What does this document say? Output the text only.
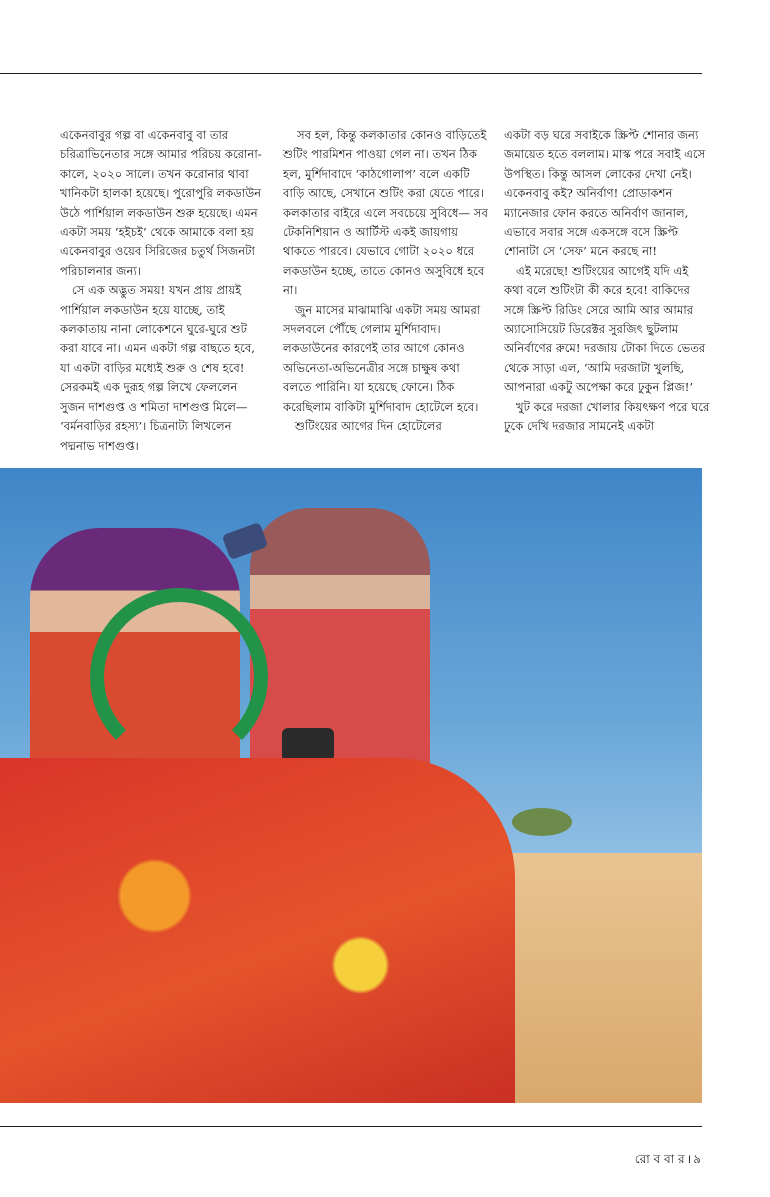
একেনবাবুর গল্প বা একেনবাবু বা তার চরিত্রাভিনেতার সঙ্গে আমার পরিচয় করোনা-কালে, ২০২০ সালে। তখন করোনার থাবা খানিকটা হালকা হয়েছে। পুরোপুরি লকডাউন উঠে পার্শিয়াল লকডাউন শুরু হয়েছে। এমন একটা সময় ‘হইচই’ থেকে আমাকে বলা হয় একেনবাবুর ওয়েব সিরিজের চতুর্থ সিজনটা পরিচালনার জন্য।

সে এক অদ্ভুত সময়! যখন প্রায় প্রায়ই পার্শিয়াল লকডাউন হয়ে যাচ্ছে, তাই কলকাতায় নানা লোকেশনে ঘুরে-ঘুরে শুট করা যাবে না। এমন একটা গল্প বাছতে হবে, যা একটা বাড়ির মধ্যেই শুরু ও শেষ হবে! সেরকমই এক দুরূহ গল্প লিখে ফেললেন সুজন দাশগুপ্ত ও শমিতা দাশগুপ্ত মিলে— ‘বর্মনবাড়ির রহস্য’। চিত্রনাট্য লিখলেন পদ্মনাভ দাশগুপ্ত।

সব হল, কিন্তু কলকাতার কোনও বাড়িতেই শুটিং পারমিশন পাওয়া গেল না। তখন ঠিক হল, মুর্শিদাবাদে ‘কাঠগোলাপ’ বলে একটি বাড়ি আছে, সেখানে শুটিং করা যেতে পারে। কলকাতার বাইরে এলে সবচেয়ে সুবিধে— সব টেকনিশিয়ান ও আর্টিস্ট একই জায়গায় থাকতে পারবে। যেভাবে গোটা ২০২০ ধরে লকডাউন হচ্ছে, তাতে কোনও অসুবিধে হবে না।

জুন মাসের মাঝামাঝি একটা সময় আমরা সদলবলে পৌঁছে গেলাম মুর্শিদাবাদ। লকডাউনের কারণেই তার আগে কোনও অভিনেতা-অভিনেত্রীর সঙ্গে চাক্ষুষ কথা বলতে পারিনি। যা হয়েছে ফোনে। ঠিক করেছিলাম বাকিটা মুর্শিদাবাদ হোটেলে হবে।

শুটিংয়ের আগের দিন হোটেলের

একটা বড় ঘরে সবাইকে স্ক্রিপ্ট শোনার জন্য জমায়েত হতে বললাম। মাস্ক পরে সবাই এসে উপস্থিত। কিন্তু আসল লোকের দেখা নেই। একেনবাবু কই? অনির্বাণ! প্রোডাকশন ম্যানেজার ফোন করতে অনির্বাণ জানাল, এভাবে সবার সঙ্গে একসঙ্গে বসে স্ক্রিপ্ট শোনাটা সে ‘সেফ’ মনে করছে না!

এই মরেছে! শুটিংয়ের আগেই যদি এই কথা বলে শুটিংটা কী করে হবে! বাকিদের সঙ্গে স্ক্রিপ্ট রিডিং সেরে আমি আর আমার অ্যাসোসিয়েট ডিরেক্টর সুরজিৎ ছুটলাম অনির্বাণের রুমে! দরজায় টোকা দিতে ভেতর থেকে সাড়া এল, ‘আমি দরজাটা খুলছি, আপনারা একটু অপেক্ষা করে ঢুকুন প্লিজ!’

খুট করে দরজা খোলার কিয়ৎক্ষণ পরে ঘরে ঢুকে দেখি দরজার সামনেই একটা

রো ব বা র । ৯
